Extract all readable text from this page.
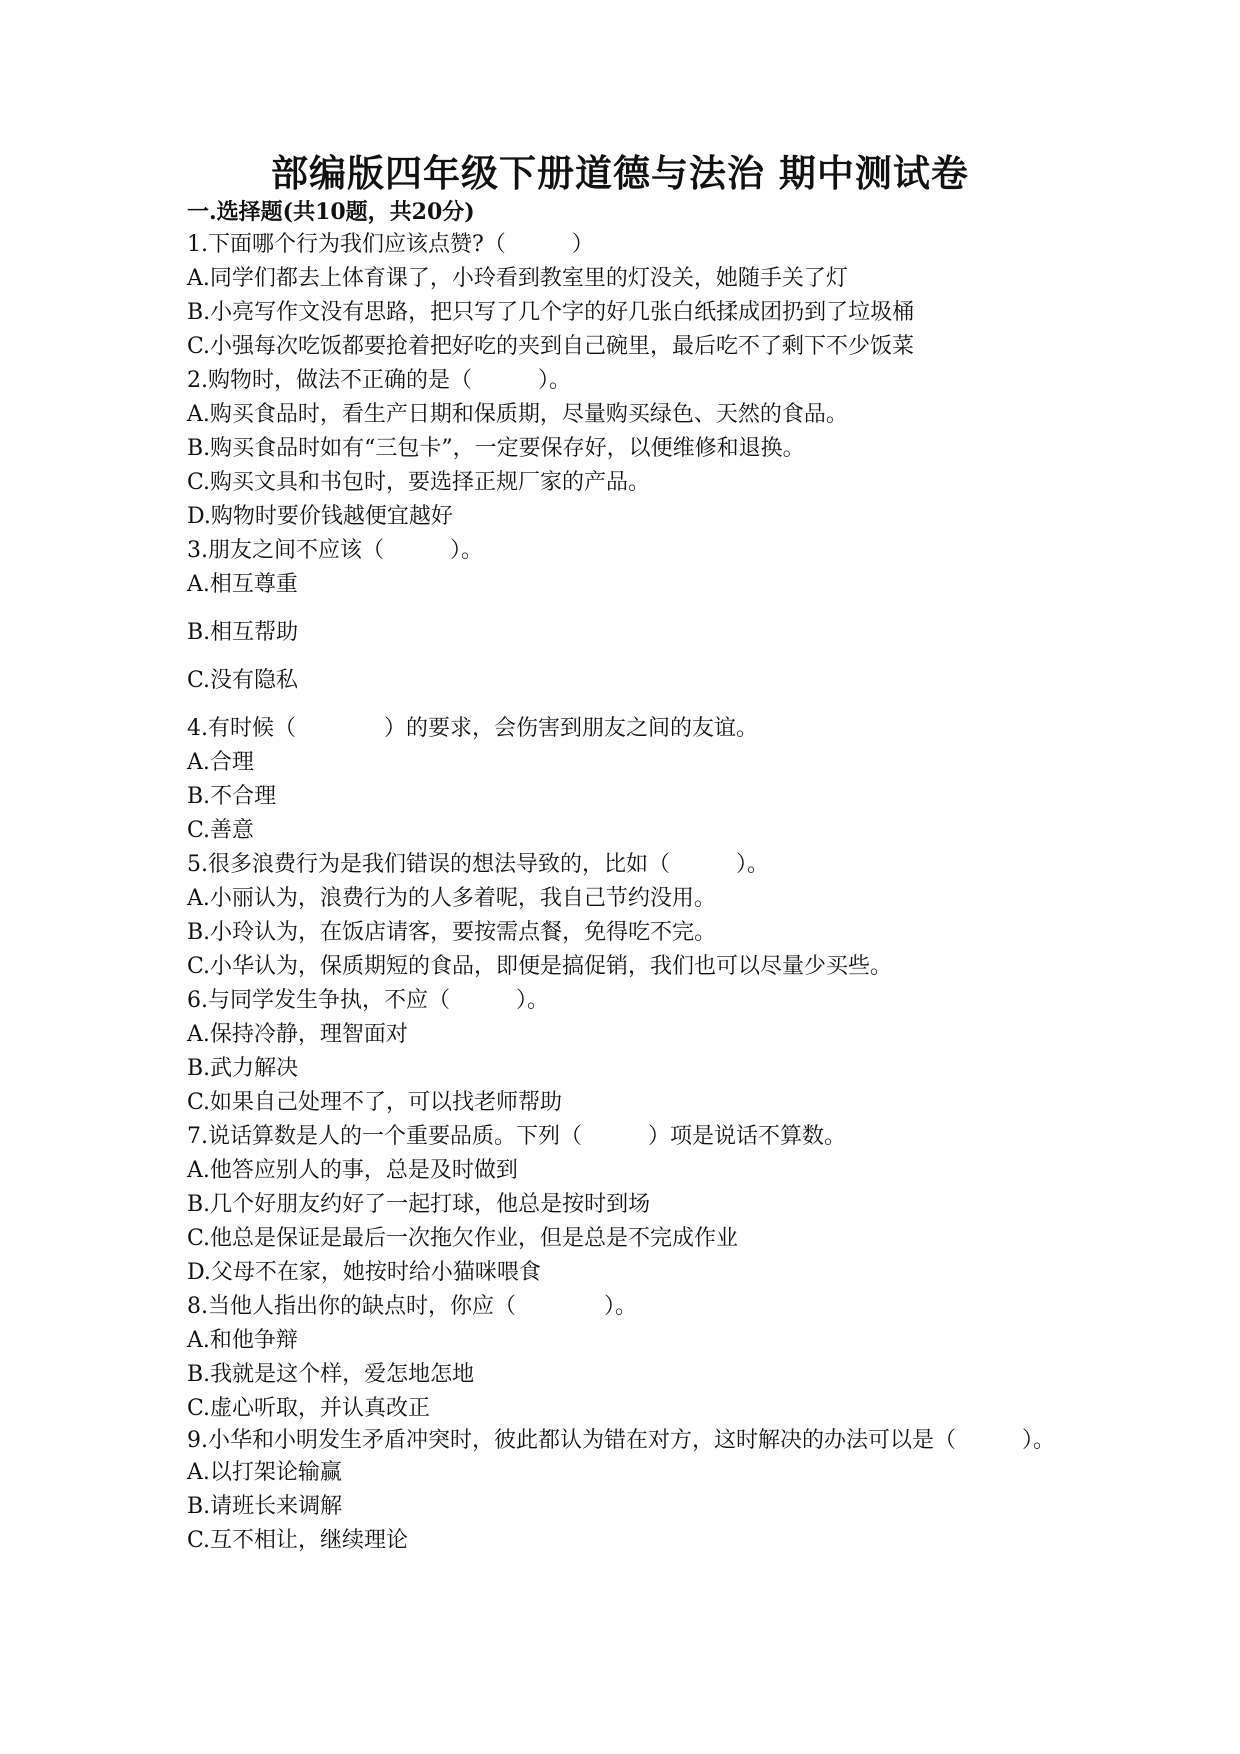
部编版四年级下册道德与法治 期中测试卷
一.选择题(共10题，共20分)

1.下面哪个行为我们应该点赞?（　　　）

A.同学们都去上体育课了，小玲看到教室里的灯没关，她随手关了灯

B.小亮写作文没有思路，把只写了几个字的好几张白纸揉成团扔到了垃圾桶

C.小强每次吃饭都要抢着把好吃的夹到自己碗里，最后吃不了剩下不少饭菜

2.购物时，做法不正确的是（　　　）。

A.购买食品时，看生产日期和保质期，尽量购买绿色、天然的食品。

B.购买食品时如有“三包卡”，一定要保存好，以便维修和退换。

C.购买文具和书包时，要选择正规厂家的产品。

D.购物时要价钱越便宜越好

3.朋友之间不应该（　　　）。

A.相互尊重

B.相互帮助

C.没有隐私

4.有时候（　　　　）的要求，会伤害到朋友之间的友谊。

A.合理

B.不合理

C.善意

5.很多浪费行为是我们错误的想法导致的，比如（　　　）。

A.小丽认为，浪费行为的人多着呢，我自己节约没用。

B.小玲认为，在饭店请客，要按需点餐，免得吃不完。

C.小华认为，保质期短的食品，即便是搞促销，我们也可以尽量少买些。

6.与同学发生争执，不应（　　　）。

A.保持冷静，理智面对

B.武力解决

C.如果自己处理不了，可以找老师帮助

7.说话算数是人的一个重要品质。下列（　　　）项是说话不算数。

A.他答应别人的事，总是及时做到

B.几个好朋友约好了一起打球，他总是按时到场

C.他总是保证是最后一次拖欠作业，但是总是不完成作业

D.父母不在家，她按时给小猫咪喂食

8.当他人指出你的缺点时，你应（　　　　）。

A.和他争辩

B.我就是这个样，爱怎地怎地

C.虚心听取，并认真改正

9.小华和小明发生矛盾冲突时，彼此都认为错在对方，这时解决的办法可以是（　　　）。

A.以打架论输赢

B.请班长来调解

C.互不相让，继续理论
